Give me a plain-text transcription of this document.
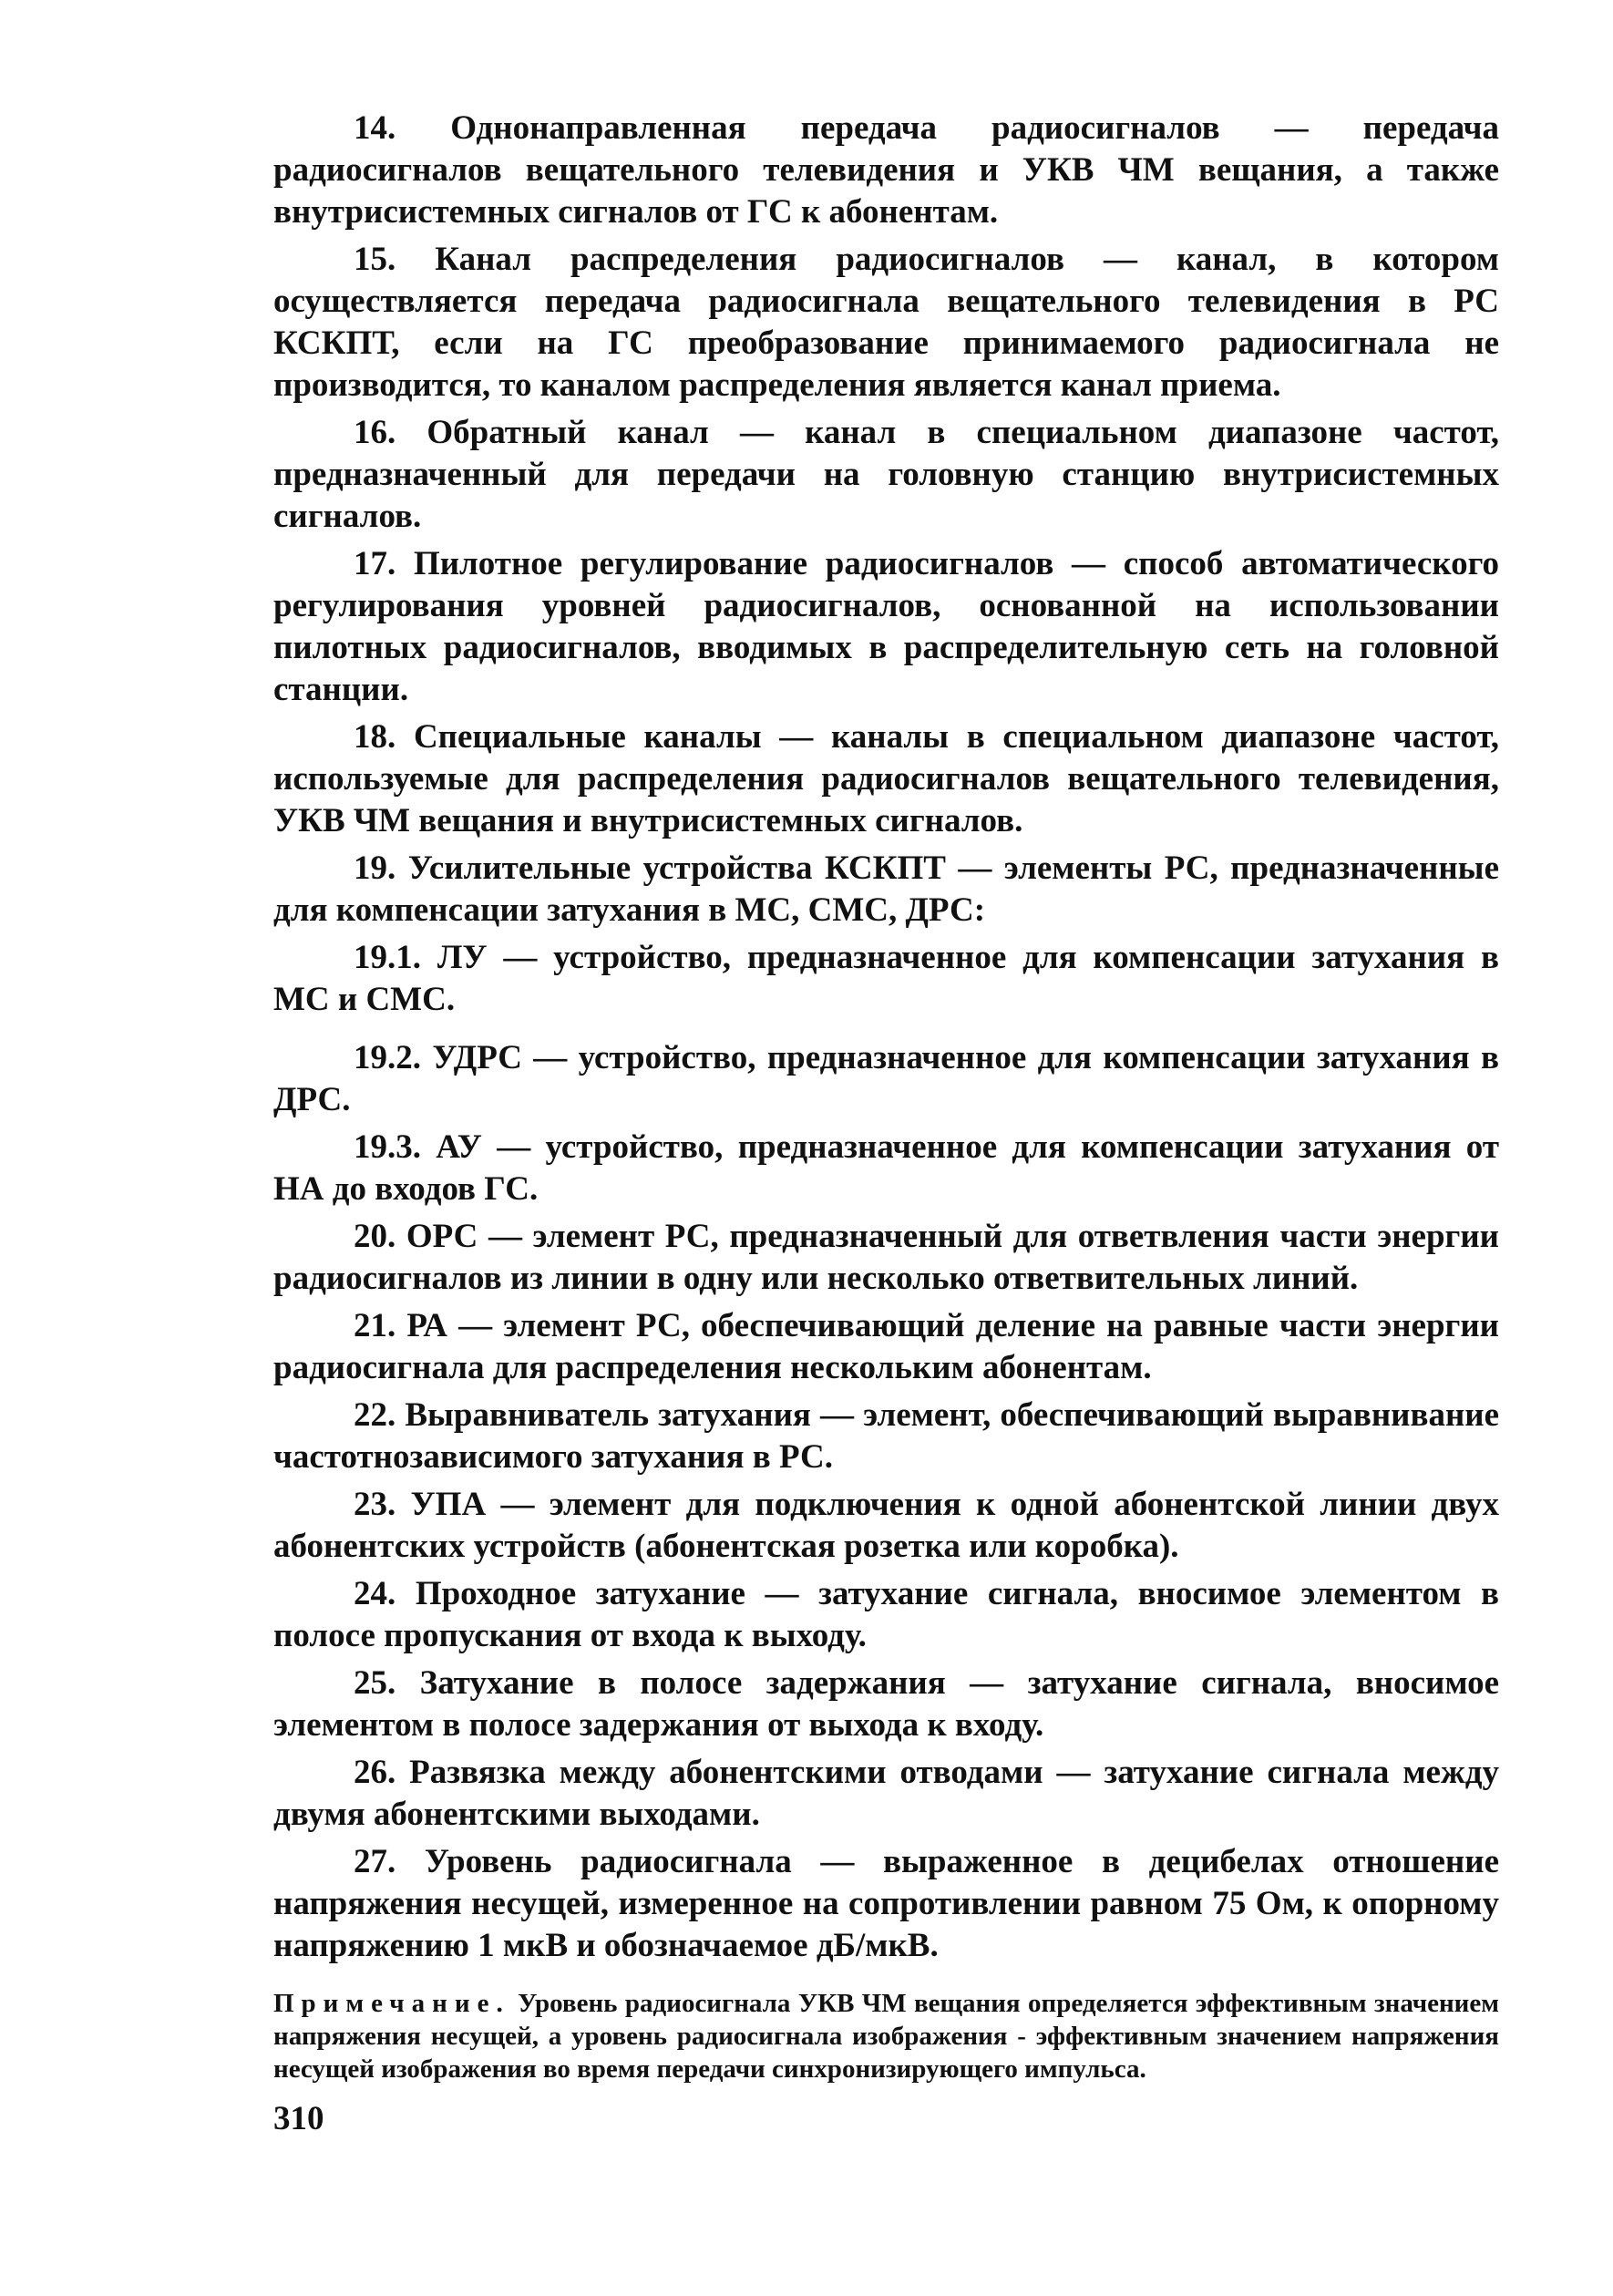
14. Однонаправленная передача радиосигналов — передача радиосигналов вещательного телевидения и УКВ ЧМ вещания, а также внутрисистемных сигналов от ГС к абонентам.

15. Канал распределения радиосигналов — канал, в котором осуществляется передача радиосигнала вещательного телевидения в РС КСКПТ, если на ГС преобразование принимаемого радиосигнала не производится, то каналом распределения является канал приема.

16. Обратный канал — канал в специальном диапазоне частот, предназначенный для передачи на головную станцию внутрисистемных сигналов.

17. Пилотное регулирование радиосигналов — способ автоматического регулирования уровней радиосигналов, основанной на использовании пилотных радиосигналов, вводимых в распределительную сеть на головной станции.

18. Специальные каналы — каналы в специальном диапазоне частот, используемые для распределения радиосигналов вещательного телевидения, УКВ ЧМ вещания и внутрисистемных сигналов.

19. Усилительные устройства КСКПТ — элементы РС, предназначенные для компенсации затухания в МС, СМС, ДРС:

19.1. ЛУ — устройство, предназначенное для компенсации затухания в МС и СМС.

19.2. УДРС — устройство, предназначенное для компенсации затухания в ДРС.

19.3. АУ — устройство, предназначенное для компенсации затухания от НА до входов ГС.

20. ОРС — элемент РС, предназначенный для ответвления части энергии радиосигналов из линии в одну или несколько ответвительных линий.

21. РА — элемент РС, обеспечивающий деление на равные части энергии радиосигнала для распределения нескольким абонентам.

22. Выравниватель затухания — элемент, обеспечивающий выравнивание частотнозависимого затухания в РС.

23. УПА — элемент для подключения к одной абонентской линии двух абонентских устройств (абонентская розетка или коробка).

24. Проходное затухание — затухание сигнала, вносимое элементом в полосе пропускания от входа к выходу.

25. Затухание в полосе задержания — затухание сигнала, вносимое элементом в полосе задержания от выхода к входу.

26. Развязка между абонентскими отводами — затухание сигнала между двумя абонентскими выходами.

27. Уровень радиосигнала — выраженное в децибелах отношение напряжения несущей, измеренное на сопротивлении равном 75 Ом, к опорному напряжению 1 мкВ и обозначаемое дБ/мкВ.

Примечание. Уровень радиосигнала УКВ ЧМ вещания определяется эффективным значением напряжения несущей, а уровень радиосигнала изображения - эффективным значением напряжения несущей изображения во время передачи синхронизирующего импульса.

310
